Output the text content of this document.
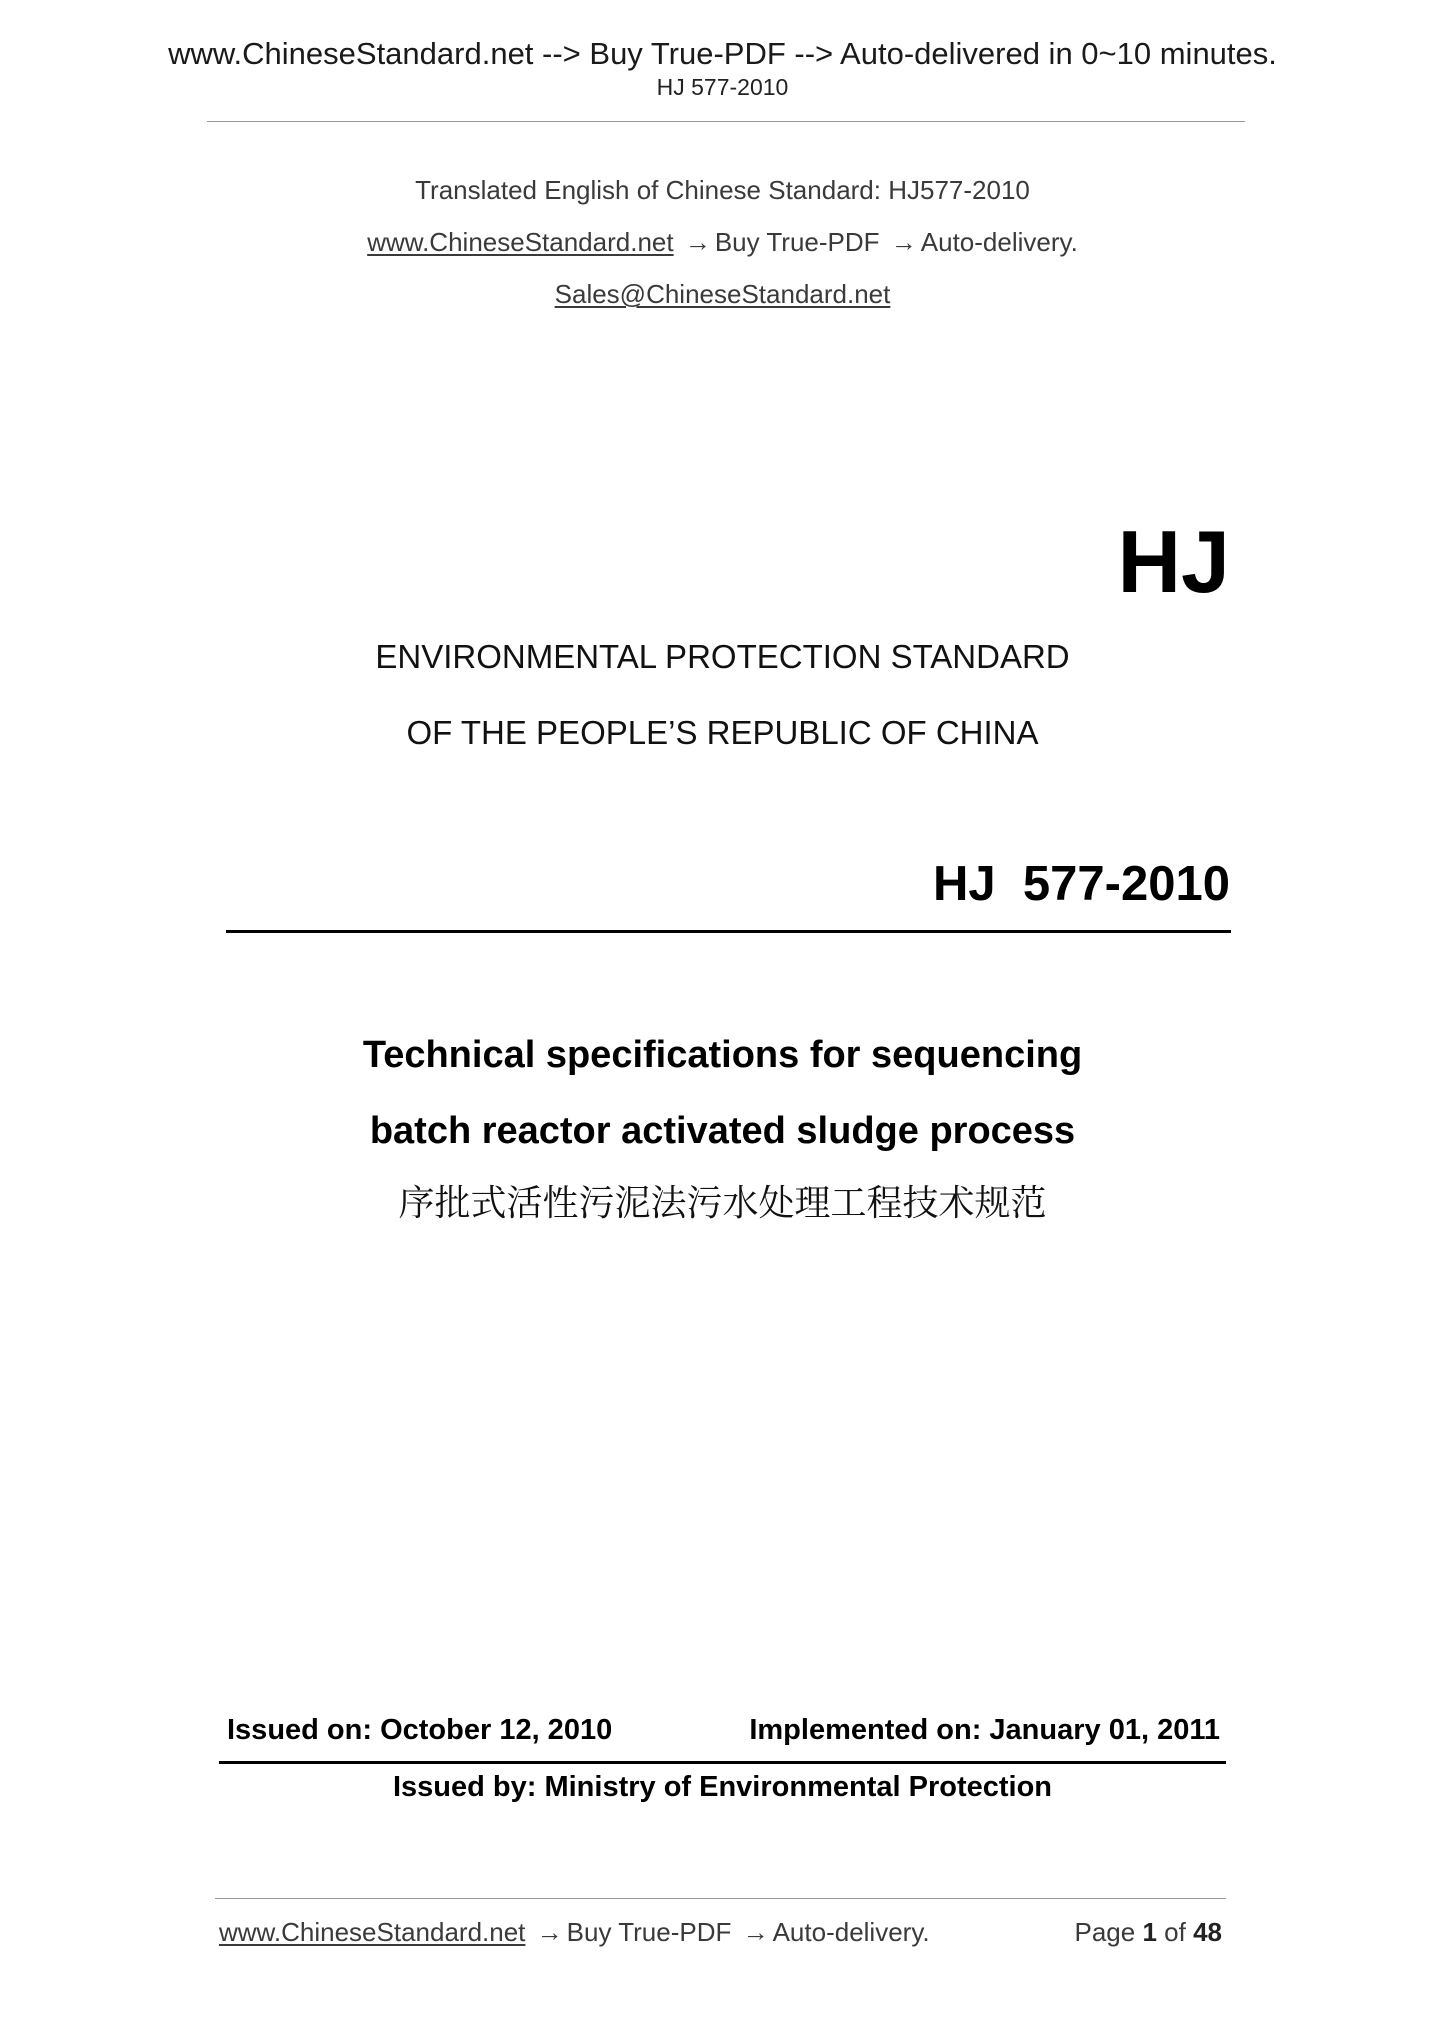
www.ChineseStandard.net --> Buy True-PDF --> Auto-delivered in 0~10 minutes.
HJ 577-2010
Translated English of Chinese Standard: HJ577-2010
www.ChineseStandard.net → Buy True-PDF → Auto-delivery.
Sales@ChineseStandard.net
HJ
ENVIRONMENTAL PROTECTION STANDARD
OF THE PEOPLE’S REPUBLIC OF CHINA
HJ  577-2010
Technical specifications for sequencing
batch reactor activated sludge process
序批式活性污泥法污水处理工程技术规范
Issued on: October 12, 2010	Implemented on: January 01, 2011
Issued by: Ministry of Environmental Protection
www.ChineseStandard.net → Buy True-PDF → Auto-delivery.	Page 1 of 48
